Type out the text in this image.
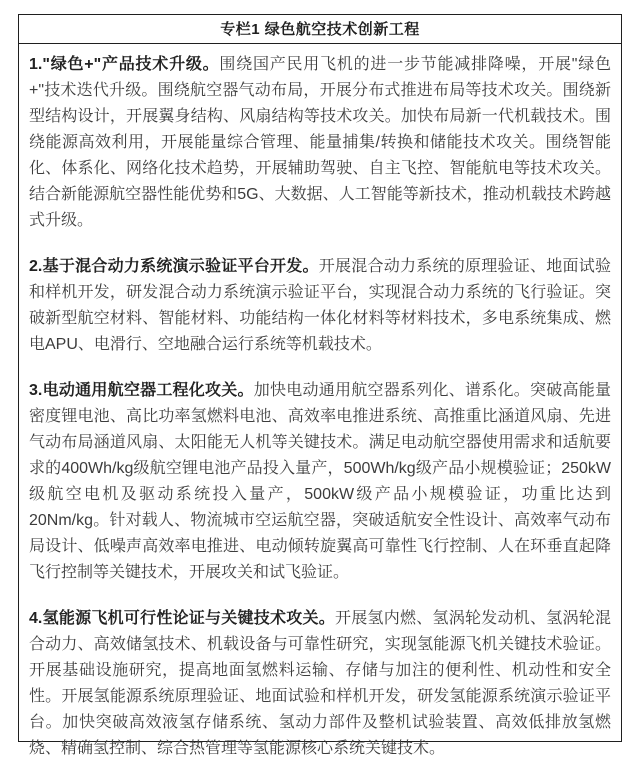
专栏1 绿色航空技术创新工程

1."绿色+"产品技术升级。围绕国产民用飞机的进一步节能减排降噪，开展"绿色+"技术迭代升级。围绕航空器气动布局，开展分布式推进布局等技术攻关。围绕新型结构设计，开展翼身结构、风扇结构等技术攻关。加快布局新一代机载技术。围绕能源高效利用，开展能量综合管理、能量捕集/转换和储能技术攻关。围绕智能化、体系化、网络化技术趋势，开展辅助驾驶、自主飞控、智能航电等技术攻关。结合新能源航空器性能优势和5G、大数据、人工智能等新技术，推动机载技术跨越式升级。

2.基于混合动力系统演示验证平台开发。开展混合动力系统的原理验证、地面试验和样机开发，研发混合动力系统演示验证平台，实现混合动力系统的飞行验证。突破新型航空材料、智能材料、功能结构一体化材料等材料技术，多电系统集成、燃电APU、电滑行、空地融合运行系统等机载技术。

3.电动通用航空器工程化攻关。加快电动通用航空器系列化、谱系化。突破高能量密度锂电池、高比功率氢燃料电池、高效率电推进系统、高推重比涵道风扇、先进气动布局涵道风扇、太阳能无人机等关键技术。满足电动航空器使用需求和适航要求的400Wh/kg级航空锂电池产品投入量产，500Wh/kg级产品小规模验证；250kW级航空电机及驱动系统投入量产，500kW级产品小规模验证，功重比达到20Nm/kg。针对载人、物流城市空运航空器，突破适航安全性设计、高效率气动布局设计、低噪声高效率电推进、电动倾转旋翼高可靠性飞行控制、人在环垂直起降飞行控制等关键技术，开展攻关和试飞验证。

4.氢能源飞机可行性论证与关键技术攻关。开展氢内燃、氢涡轮发动机、氢涡轮混合动力、高效储氢技术、机载设备与可靠性研究，实现氢能源飞机关键技术验证。开展基础设施研究，提高地面氢燃料运输、存储与加注的便利性、机动性和安全性。开展氢能源系统原理验证、地面试验和样机开发，研发氢能源系统演示验证平台。加快突破高效液氢存储系统、氢动力部件及整机试验装置、高效低排放氢燃烧、精确氢控制、综合热管理等氢能源核心系统关键技术。
